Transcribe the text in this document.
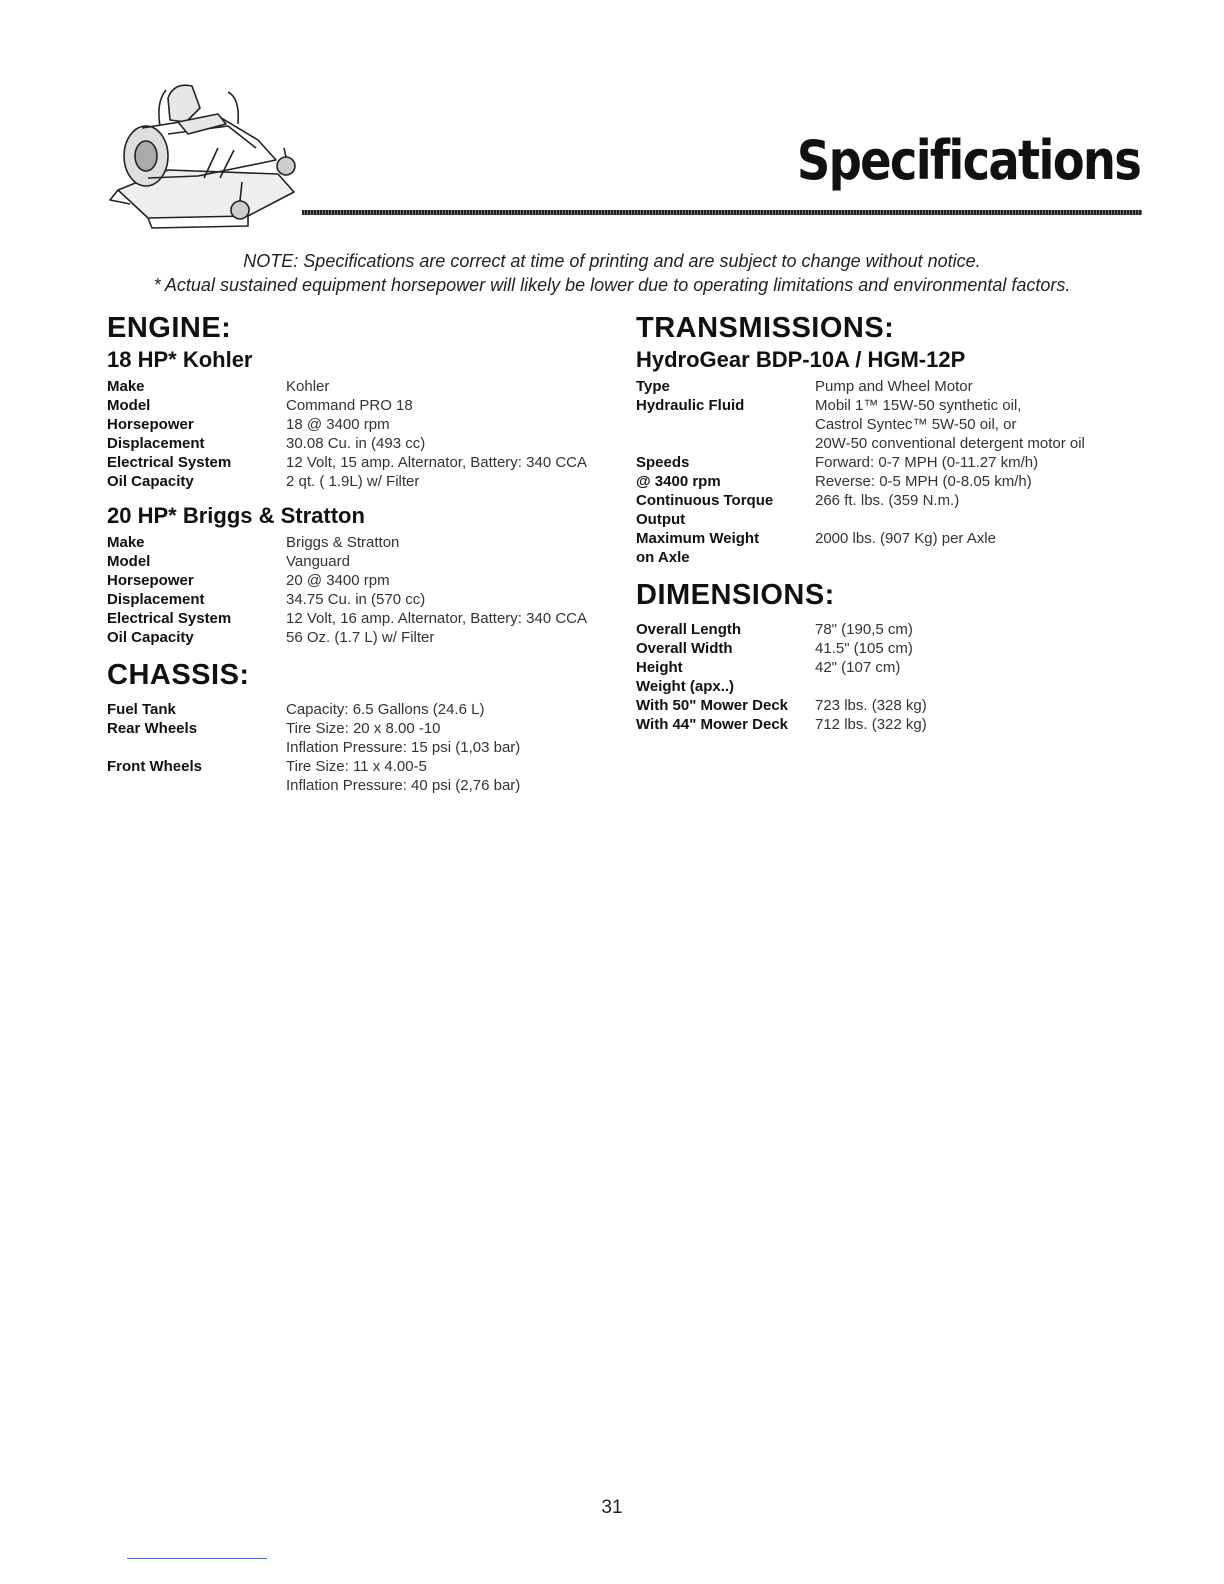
Specifications
NOTE: Specifications are correct at time of printing and are subject to change without notice.
* Actual sustained equipment horsepower will likely be lower due to operating limitations and environmental factors.
ENGINE:
18 HP* Kohler
Make	Kohler
Model	Command PRO 18
Horsepower	18 @ 3400 rpm
Displacement	30.08 Cu. in (493 cc)
Electrical System	12 Volt, 15 amp. Alternator, Battery: 340 CCA
Oil Capacity	2 qt. ( 1.9L) w/ Filter
20 HP* Briggs & Stratton
Make	Briggs & Stratton
Model	Vanguard
Horsepower	20 @ 3400 rpm
Displacement	34.75 Cu. in (570 cc)
Electrical System	12 Volt, 16 amp. Alternator, Battery: 340 CCA
Oil Capacity	56 Oz. (1.7 L) w/ Filter
CHASSIS:
Fuel Tank	Capacity: 6.5 Gallons (24.6 L)
Rear Wheels	Tire Size: 20 x 8.00 -10
	Inflation Pressure: 15 psi (1,03 bar)
Front Wheels	Tire Size: 11 x 4.00-5
	Inflation Pressure: 40 psi (2,76 bar)
TRANSMISSIONS:
HydroGear BDP-10A / HGM-12P
Type	Pump and Wheel Motor
Hydraulic Fluid	Mobil 1™ 15W-50 synthetic oil,
	Castrol Syntec™ 5W-50 oil, or
	20W-50 conventional detergent motor oil
Speeds	Forward: 0-7 MPH (0-11.27 km/h)
@ 3400 rpm	Reverse: 0-5 MPH (0-8.05 km/h)
Continuous Torque	266 ft. lbs. (359 N.m.)
Output	
Maximum Weight	2000 lbs. (907 Kg) per Axle
on Axle	
DIMENSIONS:
Overall Length	78" (190,5 cm)
Overall Width	41.5" (105 cm)
Height	42" (107 cm)
Weight (apx..)	
With 50" Mower Deck	723 lbs. (328 kg)
With 44" Mower Deck	712 lbs. (322 kg)
31
